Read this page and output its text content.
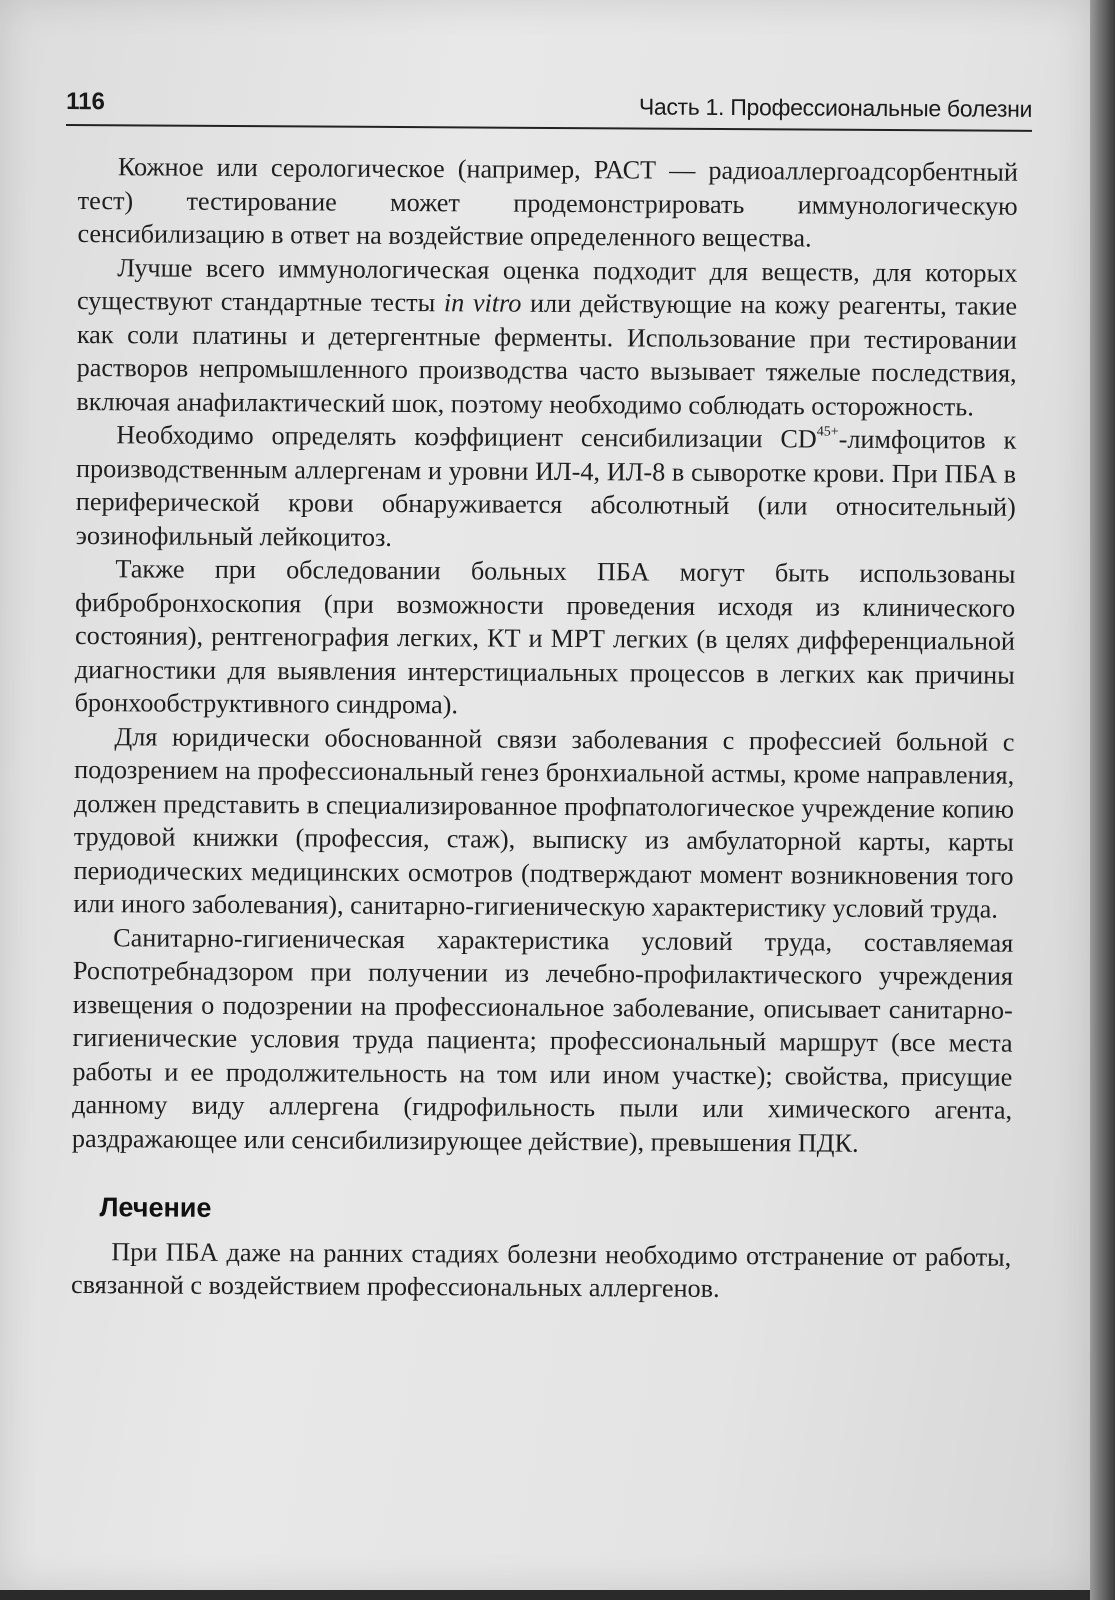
116	Часть 1. Профессиональные болезни

Кожное или серологическое (например, РАСТ — радиоаллергоадсорбентный тест) тестирование может продемонстрировать иммунологическую сенсибилизацию в ответ на воздействие определенного вещества.

Лучше всего иммунологическая оценка подходит для веществ, для которых существуют стандартные тесты in vitro или действующие на кожу реагенты, такие как соли платины и детергентные ферменты. Использование при тестировании растворов непромышленного производства часто вызывает тяжелые последствия, включая анафилактический шок, поэтому необходимо соблюдать осторожность.

Необходимо определять коэффициент сенсибилизации $CD^{45+}$-лимфоцитов к производственным аллергенам и уровни ИЛ-4, ИЛ-8 в сыворотке крови. При ПБА в периферической крови обнаруживается абсолютный (или относительный) эозинофильный лейкоцитоз.

Также при обследовании больных ПБА могут быть использованы фибробронхоскопия (при возможности проведения исходя из клинического состояния), рентгенография легких, КТ и МРТ легких (в целях дифференциальной диагностики для выявления интерстициальных процессов в легких как причины бронхообструктивного синдрома).

Для юридически обоснованной связи заболевания с профессией больной с подозрением на профессиональный генез бронхиальной астмы, кроме направления, должен представить в специализированное профпатологическое учреждение копию трудовой книжки (профессия, стаж), выписку из амбулаторной карты, карты периодических медицинских осмотров (подтверждают момент возникновения того или иного заболевания), санитарно-гигиеническую характеристику условий труда.

Санитарно-гигиеническая характеристика условий труда, составляемая Роспотребнадзором при получении из лечебно-профилактического учреждения извещения о подозрении на профессиональное заболевание, описывает санитарно-гигиенические условия труда пациента; профессиональный маршрут (все места работы и ее продолжительность на том или ином участке); свойства, присущие данному виду аллергена (гидрофильность пыли или химического агента, раздражающее или сенсибилизирующее действие), превышения ПДК.

Лечение

При ПБА даже на ранних стадиях болезни необходимо отстранение от работы, связанной с воздействием профессиональных аллергенов.
